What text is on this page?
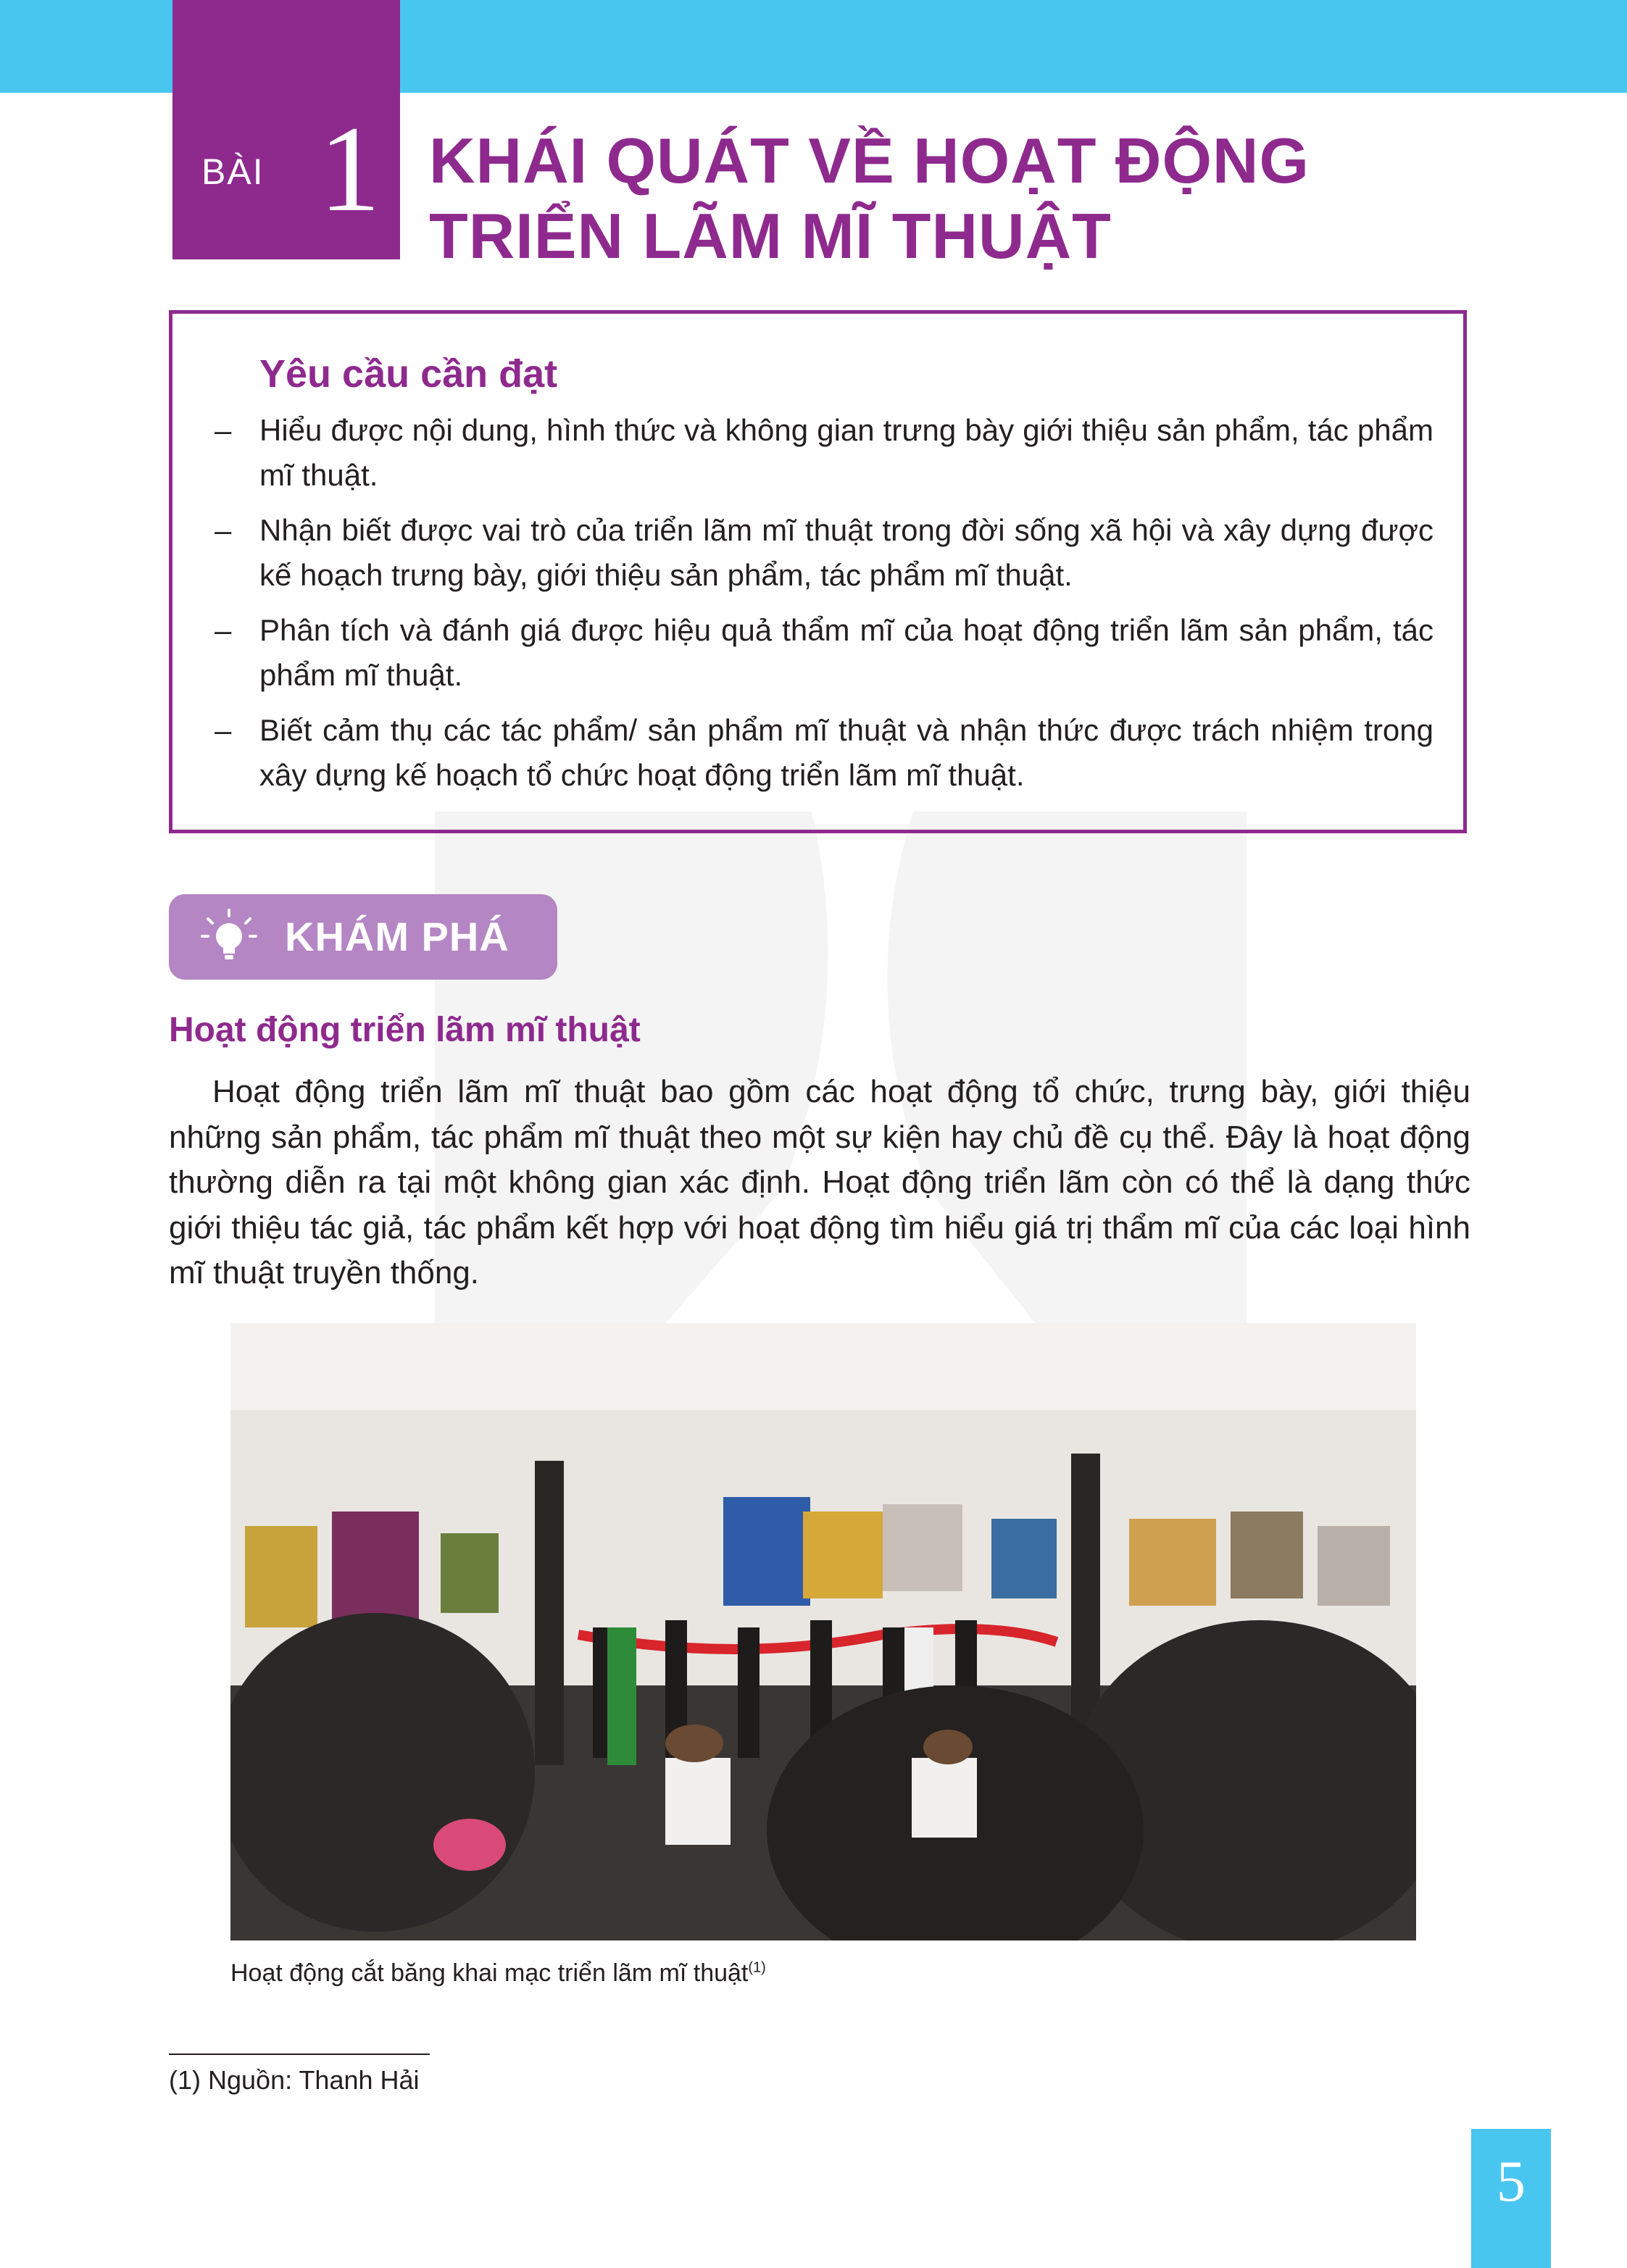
BÀI 1 KHÁI QUÁT VỀ HOẠT ĐỘNG
TRIỂN LÃM MĨ THUẬT
Yêu cầu cần đạt
– Hiểu được nội dung, hình thức và không gian trưng bày giới thiệu sản phẩm, tác phẩm mĩ thuật.
– Nhận biết được vai trò của triển lãm mĩ thuật trong đời sống xã hội và xây dựng được kế hoạch trưng bày, giới thiệu sản phẩm, tác phẩm mĩ thuật.
– Phân tích và đánh giá được hiệu quả thẩm mĩ của hoạt động triển lãm sản phẩm, tác phẩm mĩ thuật.
– Biết cảm thụ các tác phẩm/ sản phẩm mĩ thuật và nhận thức được trách nhiệm trong xây dựng kế hoạch tổ chức hoạt động triển lãm mĩ thuật.
KHÁM PHÁ
Hoạt động triển lãm mĩ thuật
Hoạt động triển lãm mĩ thuật bao gồm các hoạt động tổ chức, trưng bày, giới thiệu những sản phẩm, tác phẩm mĩ thuật theo một sự kiện hay chủ đề cụ thể. Đây là hoạt động thường diễn ra tại một không gian xác định. Hoạt động triển lãm còn có thể là dạng thức giới thiệu tác giả, tác phẩm kết hợp với hoạt động tìm hiểu giá trị thẩm mĩ của các loại hình mĩ thuật truyền thống.
Hoạt động cắt băng khai mạc triển lãm mĩ thuật$^{(1)}$
(1) Nguồn: Thanh Hải
5
